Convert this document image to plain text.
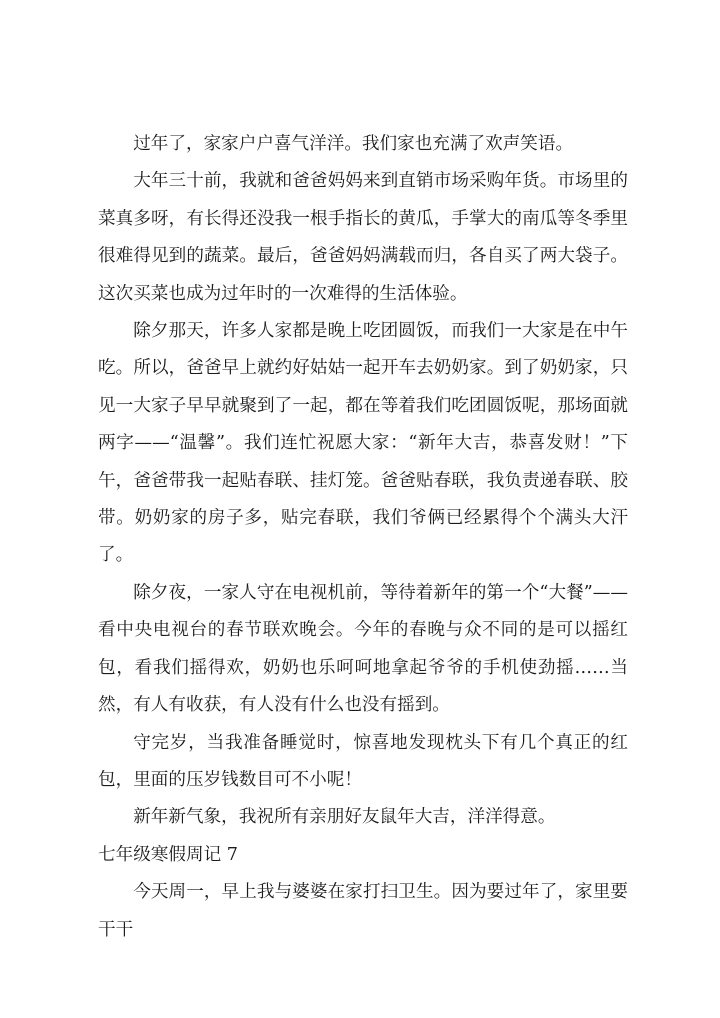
过年了，家家户户喜气洋洋。我们家也充满了欢声笑语。

大年三十前，我就和爸爸妈妈来到直销市场采购年货。市场里的菜真多呀，有长得还没我一根手指长的黄瓜，手掌大的南瓜等冬季里很难得见到的蔬菜。最后，爸爸妈妈满载而归，各自买了两大袋子。这次买菜也成为过年时的一次难得的生活体验。

除夕那天，许多人家都是晚上吃团圆饭，而我们一大家是在中午吃。所以，爸爸早上就约好姑姑一起开车去奶奶家。到了奶奶家，只见一大家子早早就聚到了一起，都在等着我们吃团圆饭呢，那场面就两字——“温馨”。我们连忙祝愿大家：“新年大吉，恭喜发财！”下午，爸爸带我一起贴春联、挂灯笼。爸爸贴春联，我负责递春联、胶带。奶奶家的房子多，贴完春联，我们爷俩已经累得个个满头大汗了。

除夕夜，一家人守在电视机前，等待着新年的第一个“大餐”——看中央电视台的春节联欢晚会。今年的春晚与众不同的是可以摇红包，看我们摇得欢，奶奶也乐呵呵地拿起爷爷的手机使劲摇……当然，有人有收获，有人没有什么也没有摇到。

守完岁，当我准备睡觉时，惊喜地发现枕头下有几个真正的红包，里面的压岁钱数目可不小呢！

新年新气象，我祝所有亲朋好友鼠年大吉，洋洋得意。

七年级寒假周记 7

今天周一，早上我与婆婆在家打扫卫生。因为要过年了，家里要干干
